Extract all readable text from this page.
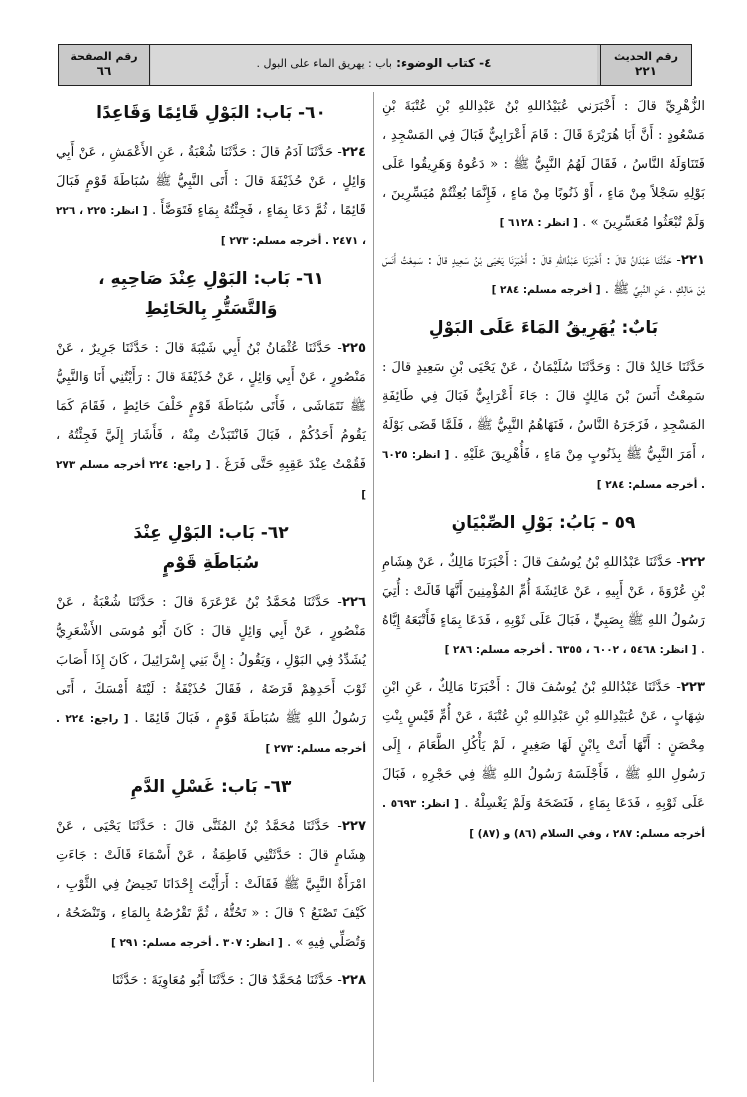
رقم الحديث
٢٢١
٤- كتاب الوضوء: باب : يهريق الماء على البول .
رقم الصفحة
٦٦

الزُّهْرِيِّ قالَ : أَخْبَرَني عُبَيْدُاللهِ بْنُ عَبْدِاللهِ بْنِ عُتْبَةَ بْنِ مَسْعُودٍ : أَنَّ أَبَا هُرَيْرَةَ قَالَ : قَامَ أَعْرَابِيٌّ فَبَالَ فِي المَسْجِدِ ، فَتَنَاوَلَهُ النَّاسُ ، فَقَالَ لَهُمُ النَّبِيُّ ﷺ : « دَعُوهُ وَهَرِيقُوا عَلَى بَوْلِهِ سَجْلاً مِنْ مَاءٍ ، أَوْ ذَنُوبًا مِنْ مَاءٍ ، فَإِنَّمَا بُعِثْتُمْ مُيَسِّرِينَ ، وَلَمْ تُبْعَثُوا مُعَسِّرِينَ » . [ انظر : ٦١٢٨ ]

٢٢١- حَدَّثَنَا عَبْدَانُ قالَ : أَخْبَرَنَا عَبْدُاللهِ قالَ : أَخْبَرَنَا يَحْيَى بْنُ سَعِيدٍ قالَ : سَمِعْتُ أَنَسَ بْنَ مَالِكٍ ، عَنِ النَّبِيِّ ﷺ . [ أخرجه مسلم: ٢٨٤ ]

بَابٌ: يُهَرِيقُ المَاءَ عَلَى البَوْلِ

حَدَّثَنَا خَالِدٌ قالَ : وَحَدَّثَنَا سُلَيْمَانُ ، عَنْ يَحْيَى بْنِ سَعِيدٍ قالَ : سَمِعْتُ أَنَسَ بْنَ مَالِكٍ قالَ : جَاءَ أَعْرَابِيٌّ فَبَالَ فِي طَائِفَةِ المَسْجِدِ ، فَزَجَرَهُ النَّاسُ ، فَنَهَاهُمُ النَّبِيُّ ﷺ ، فَلَمَّا قَضَى بَوْلَهُ ، أَمَرَ النَّبِيُّ ﷺ بِذَنُوبٍ مِنْ مَاءٍ ، فَأُهْرِيقَ عَلَيْهِ . [ انظر: ٦٠٢٥ . أخرجه مسلم: ٢٨٤ ]

٥٩ - بَابُ: بَوْلِ الصِّبْيَانِ

٢٢٢- حَدَّثَنَا عَبْدُاللهِ بْنُ يُوسُفَ قالَ : أَخْبَرَنَا مَالِكٌ ، عَنْ هِشَامِ بْنِ عُرْوَةَ ، عَنْ أَبِيهِ ، عَنْ عَائِشَةَ أُمِّ المُؤْمِنِينَ أَنَّهَا قَالَتْ : أُتِيَ رَسُولُ اللهِ ﷺ بِصَبِيٍّ ، فَبَالَ عَلَى ثَوْبِهِ ، فَدَعَا بِمَاءٍ فَأَتْبَعَهُ إِيَّاهُ . [ انظر: ٥٤٦٨ ، ٦٠٠٢ ، ٦٣٥٥ . أخرجه مسلم: ٢٨٦ ]

٢٢٣- حَدَّثَنَا عَبْدُاللهِ بْنُ يُوسُفَ قالَ : أَخْبَرَنَا مَالِكٌ ، عَنِ ابْنِ شِهَابٍ ، عَنْ عُبَيْدِاللهِ بْنِ عَبْدِاللهِ بْنِ عُتْبَةَ ، عَنْ أُمِّ قَيْسٍ بِنْتِ مِحْصَنٍ : أَنَّهَا أَتَتْ بِابْنٍ لَهَا صَغِيرٍ ، لَمْ يَأْكُلِ الطَّعَامَ ، إِلَى رَسُولِ اللهِ ﷺ ، فَأَجْلَسَهُ رَسُولُ اللهِ ﷺ فِي حَجْرِهِ ، فَبَالَ عَلَى ثَوْبِهِ ، فَدَعَا بِمَاءٍ ، فَنَضَحَهُ وَلَمْ يَغْسِلْهُ . [ انظر: ٥٦٩٣ . أخرجه مسلم: ٢٨٧ ، وفي السلام (٨٦) و (٨٧) ]

٦٠- بَاب: البَوْلِ قَائِمًا وَقَاعِدًا

٢٢٤- حَدَّثَنَا آدَمُ قالَ : حَدَّثَنَا شُعْبَةُ ، عَنِ الأَعْمَشِ ، عَنْ أَبِي وَائِلٍ ، عَنْ حُذَيْفَةَ قالَ : أَتَى النَّبِيُّ ﷺ سُبَاطَةَ قَوْمٍ فَبَالَ قَائِمًا ، ثُمَّ دَعَا بِمَاءٍ ، فَجِئْتُهُ بِمَاءٍ فَتَوَضَّأَ . [ انظر: ٢٢٥ ، ٢٢٦ ، ٢٤٧١ . أخرجه مسلم: ٢٧٣ ]

٦١- بَاب: البَوْلِ عِنْدَ صَاحِبِهِ ،
وَالتَّسَتُّرِ بِالحَائِطِ

٢٢٥- حَدَّثَنَا عُثْمَانُ بْنُ أَبِي شَيْبَةَ قالَ : حَدَّثَنَا جَرِيرٌ ، عَنْ مَنْصُورٍ ، عَنْ أَبِي وَائِلٍ ، عَنْ حُذَيْفَةَ قالَ : رَأَيْتُنِي أَنَا وَالنَّبِيُّ ﷺ نَتَمَاشَى ، فَأَتَى سُبَاطَةَ قَوْمٍ خَلْفَ حَائِطٍ ، فَقَامَ كَمَا يَقُومُ أَحَدُكُمْ ، فَبَالَ فَانْتَبَذْتُ مِنْهُ ، فَأَشَارَ إِلَيَّ فَجِئْتُهُ ، فَقُمْتُ عِنْدَ عَقِبِهِ حَتَّى فَرَغَ . [ راجع: ٢٢٤ أخرجه مسلم ٢٧٣ ]

٦٢- بَاب: البَوْلِ عِنْدَ
سُبَاطَةِ قَوْمٍ

٢٢٦- حَدَّثَنَا مُحَمَّدُ بْنُ عَرْعَرَةَ قالَ : حَدَّثَنَا شُعْبَةُ ، عَنْ مَنْصُورٍ ، عَنْ أَبِي وَائِلٍ قالَ : كَانَ أَبُو مُوسَى الأَشْعَرِيُّ يُشَدِّدُ فِي البَوْلِ ، وَيَقُولُ : إِنَّ بَنِي إِسْرَائِيلَ ، كَانَ إِذَا أَصَابَ ثَوْبَ أَحَدِهِمْ قَرَضَهُ ، فَقَالَ حُذَيْفَةُ : لَيْتَهُ أَمْسَكَ ، أَتَى رَسُولُ اللهِ ﷺ سُبَاطَةَ قَوْمٍ ، فَبَالَ قَائِمًا . [ راجع: ٢٢٤ . أخرجه مسلم: ٢٧٣ ]

٦٣- بَاب: غَسْلِ الدَّمِ

٢٢٧- حَدَّثَنَا مُحَمَّدُ بْنُ المُثَنَّى قالَ : حَدَّثَنَا يَحْيَى ، عَنْ هِشَامٍ قالَ : حَدَّثَتْنِي فَاطِمَةُ ، عَنْ أَسْمَاءَ قَالَتْ : جَاءَتِ امْرَأَةٌ النَّبِيَّ ﷺ فَقَالَتْ : أَرَأَيْتَ إِحْدَانَا تَحِيضُ فِي الثَّوْبِ ، كَيْفَ تَصْنَعُ ؟ قالَ : « تَحُتُّهُ ، ثُمَّ تَقْرُصُهُ بِالمَاءِ ، وَتَنْضَحُهُ ، وَتُصَلِّي فِيهِ » . [ انظر: ٣٠٧ . أخرجه مسلم: ٢٩١ ]

٢٢٨- حَدَّثَنَا مُحَمَّدٌ قالَ : حَدَّثَنَا أَبُو مُعَاوِيَةَ : حَدَّثَنَا
